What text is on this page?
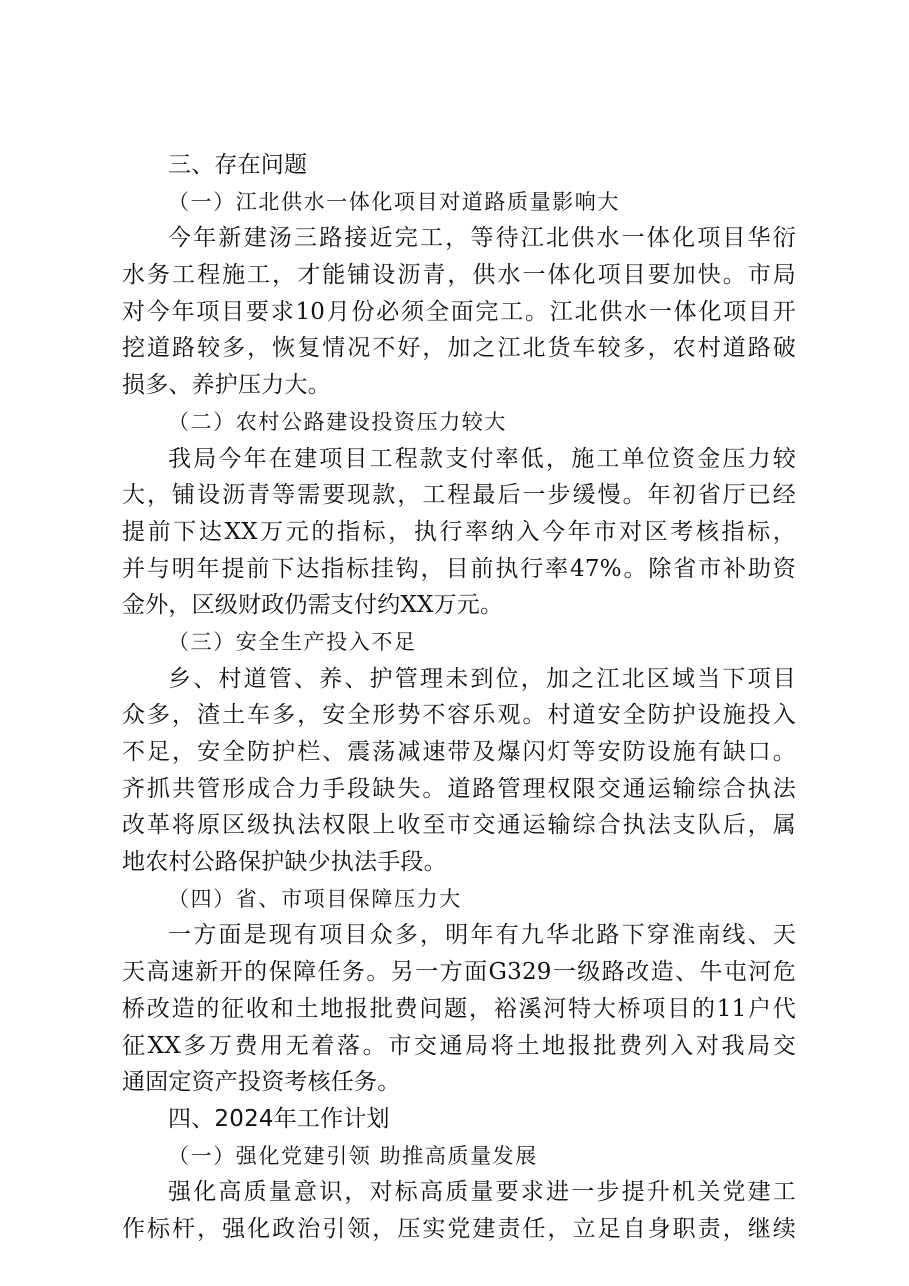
三、存在问题
（一）江北供水一体化项目对道路质量影响大
今年新建汤三路接近完工，等待江北供水一体化项目华衍
水务工程施工，才能铺设沥青，供水一体化项目要加快。市局
对今年项目要求10月份必须全面完工。江北供水一体化项目开
挖道路较多，恢复情况不好，加之江北货车较多，农村道路破
损多、养护压力大。
（二）农村公路建设投资压力较大
我局今年在建项目工程款支付率低，施工单位资金压力较
大，铺设沥青等需要现款，工程最后一步缓慢。年初省厅已经
提前下达XX万元的指标，执行率纳入今年市对区考核指标，
并与明年提前下达指标挂钩，目前执行率47%。除省市补助资
金外，区级财政仍需支付约XX万元。
（三）安全生产投入不足
乡、村道管、养、护管理未到位，加之江北区域当下项目
众多，渣土车多，安全形势不容乐观。村道安全防护设施投入
不足，安全防护栏、震荡减速带及爆闪灯等安防设施有缺口。
齐抓共管形成合力手段缺失。道路管理权限交通运输综合执法
改革将原区级执法权限上收至市交通运输综合执法支队后，属
地农村公路保护缺少执法手段。
（四）省、市项目保障压力大
一方面是现有项目众多，明年有九华北路下穿淮南线、天
天高速新开的保障任务。另一方面G329一级路改造、牛屯河危
桥改造的征收和土地报批费问题，裕溪河特大桥项目的11户代
征XX多万费用无着落。市交通局将土地报批费列入对我局交
通固定资产投资考核任务。
四、2024年工作计划
（一）强化党建引领 助推高质量发展
强化高质量意识，对标高质量要求进一步提升机关党建工
作标杆，强化政治引领，压实党建责任，立足自身职责，继续
